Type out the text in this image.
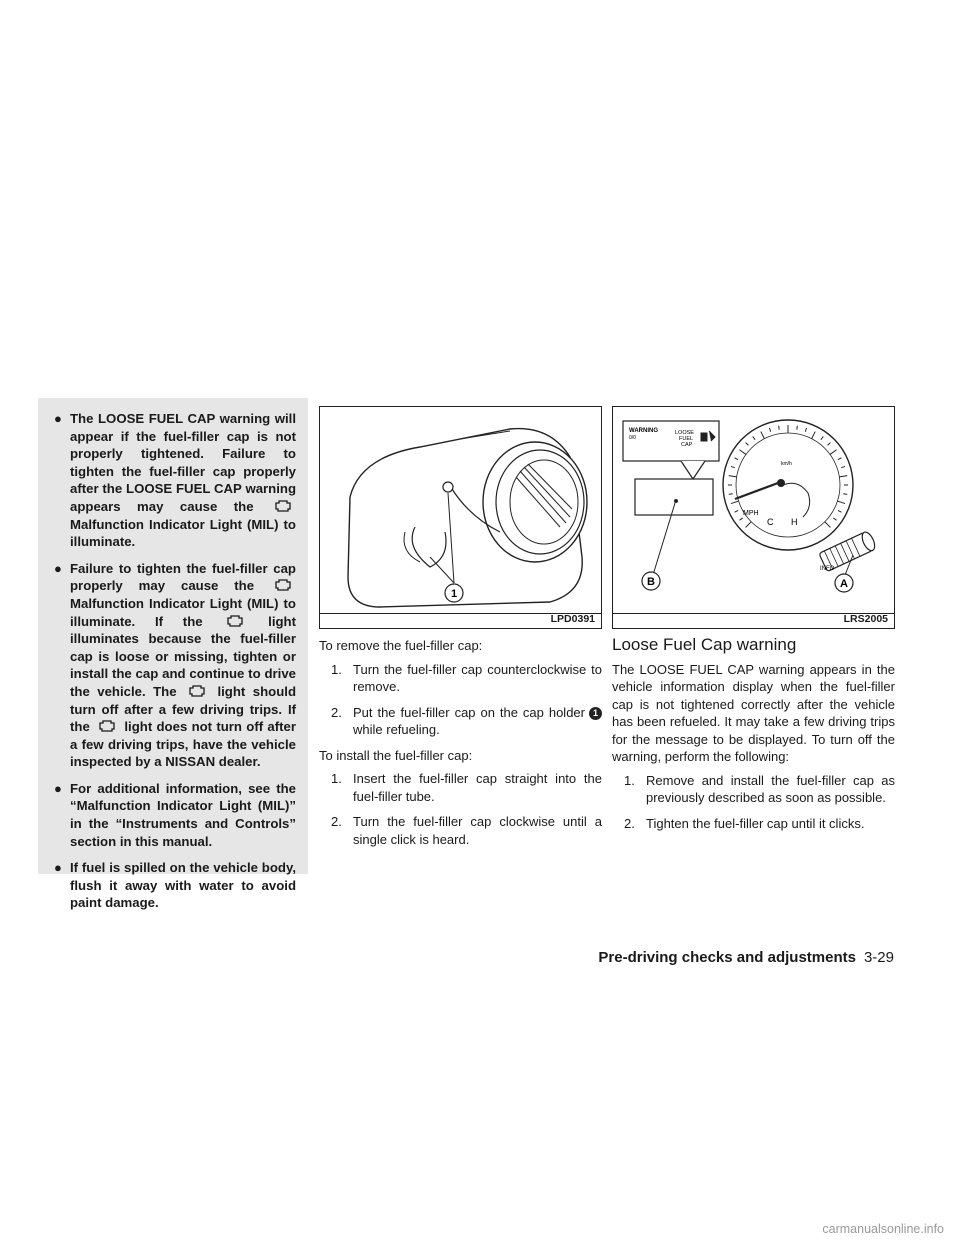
● The LOOSE FUEL CAP warning will appear if the fuel-filler cap is not properly tightened. Failure to tighten the fuel-filler cap properly after the LOOSE FUEL CAP warning appears may cause the  Malfunction Indicator Light (MIL) to illuminate.
● Failure to tighten the fuel-filler cap properly may cause the  Malfunction Indicator Light (MIL) to illuminate. If the	light illuminates because the fuel-filler cap is loose or missing, tighten or install the cap and continue to drive the vehicle. The	light should turn off after a few driving trips. If the	light does not turn off after a few driving trips, have the vehicle inspected by a NISSAN dealer.
● For additional information, see the “Malfunction Indicator Light (MIL)” in the “Instruments and Controls” section in this manual.
● If fuel is spilled on the vehicle body, flush it away with water to avoid paint damage.
1
LPD0391
WARNING
0/0
LOOSE
FUEL
CAP
km/h
MPH
C H
INFO
B	A
LRS2005

To remove the fuel-filler cap:

1. Turn the fuel-filler cap counterclockwise to remove.
2. Put the fuel-filler cap on the cap holder 1 while refueling.

To install the fuel-filler cap:

1. Insert the fuel-filler cap straight into the fuel-filler tube.
2. Turn the fuel-filler cap clockwise until a single click is heard.
Loose Fuel Cap warning

The LOOSE FUEL CAP warning appears in the vehicle information display when the fuel-filler cap is not tightened correctly after the vehicle has been refueled. It may take a few driving trips for the message to be displayed. To turn off the warning, perform the following:

1. Remove and install the fuel-filler cap as previously described as soon as possible.
2. Tighten the fuel-filler cap until it clicks.
Pre-driving checks and adjustments 3-29
carmanualsonline.info
